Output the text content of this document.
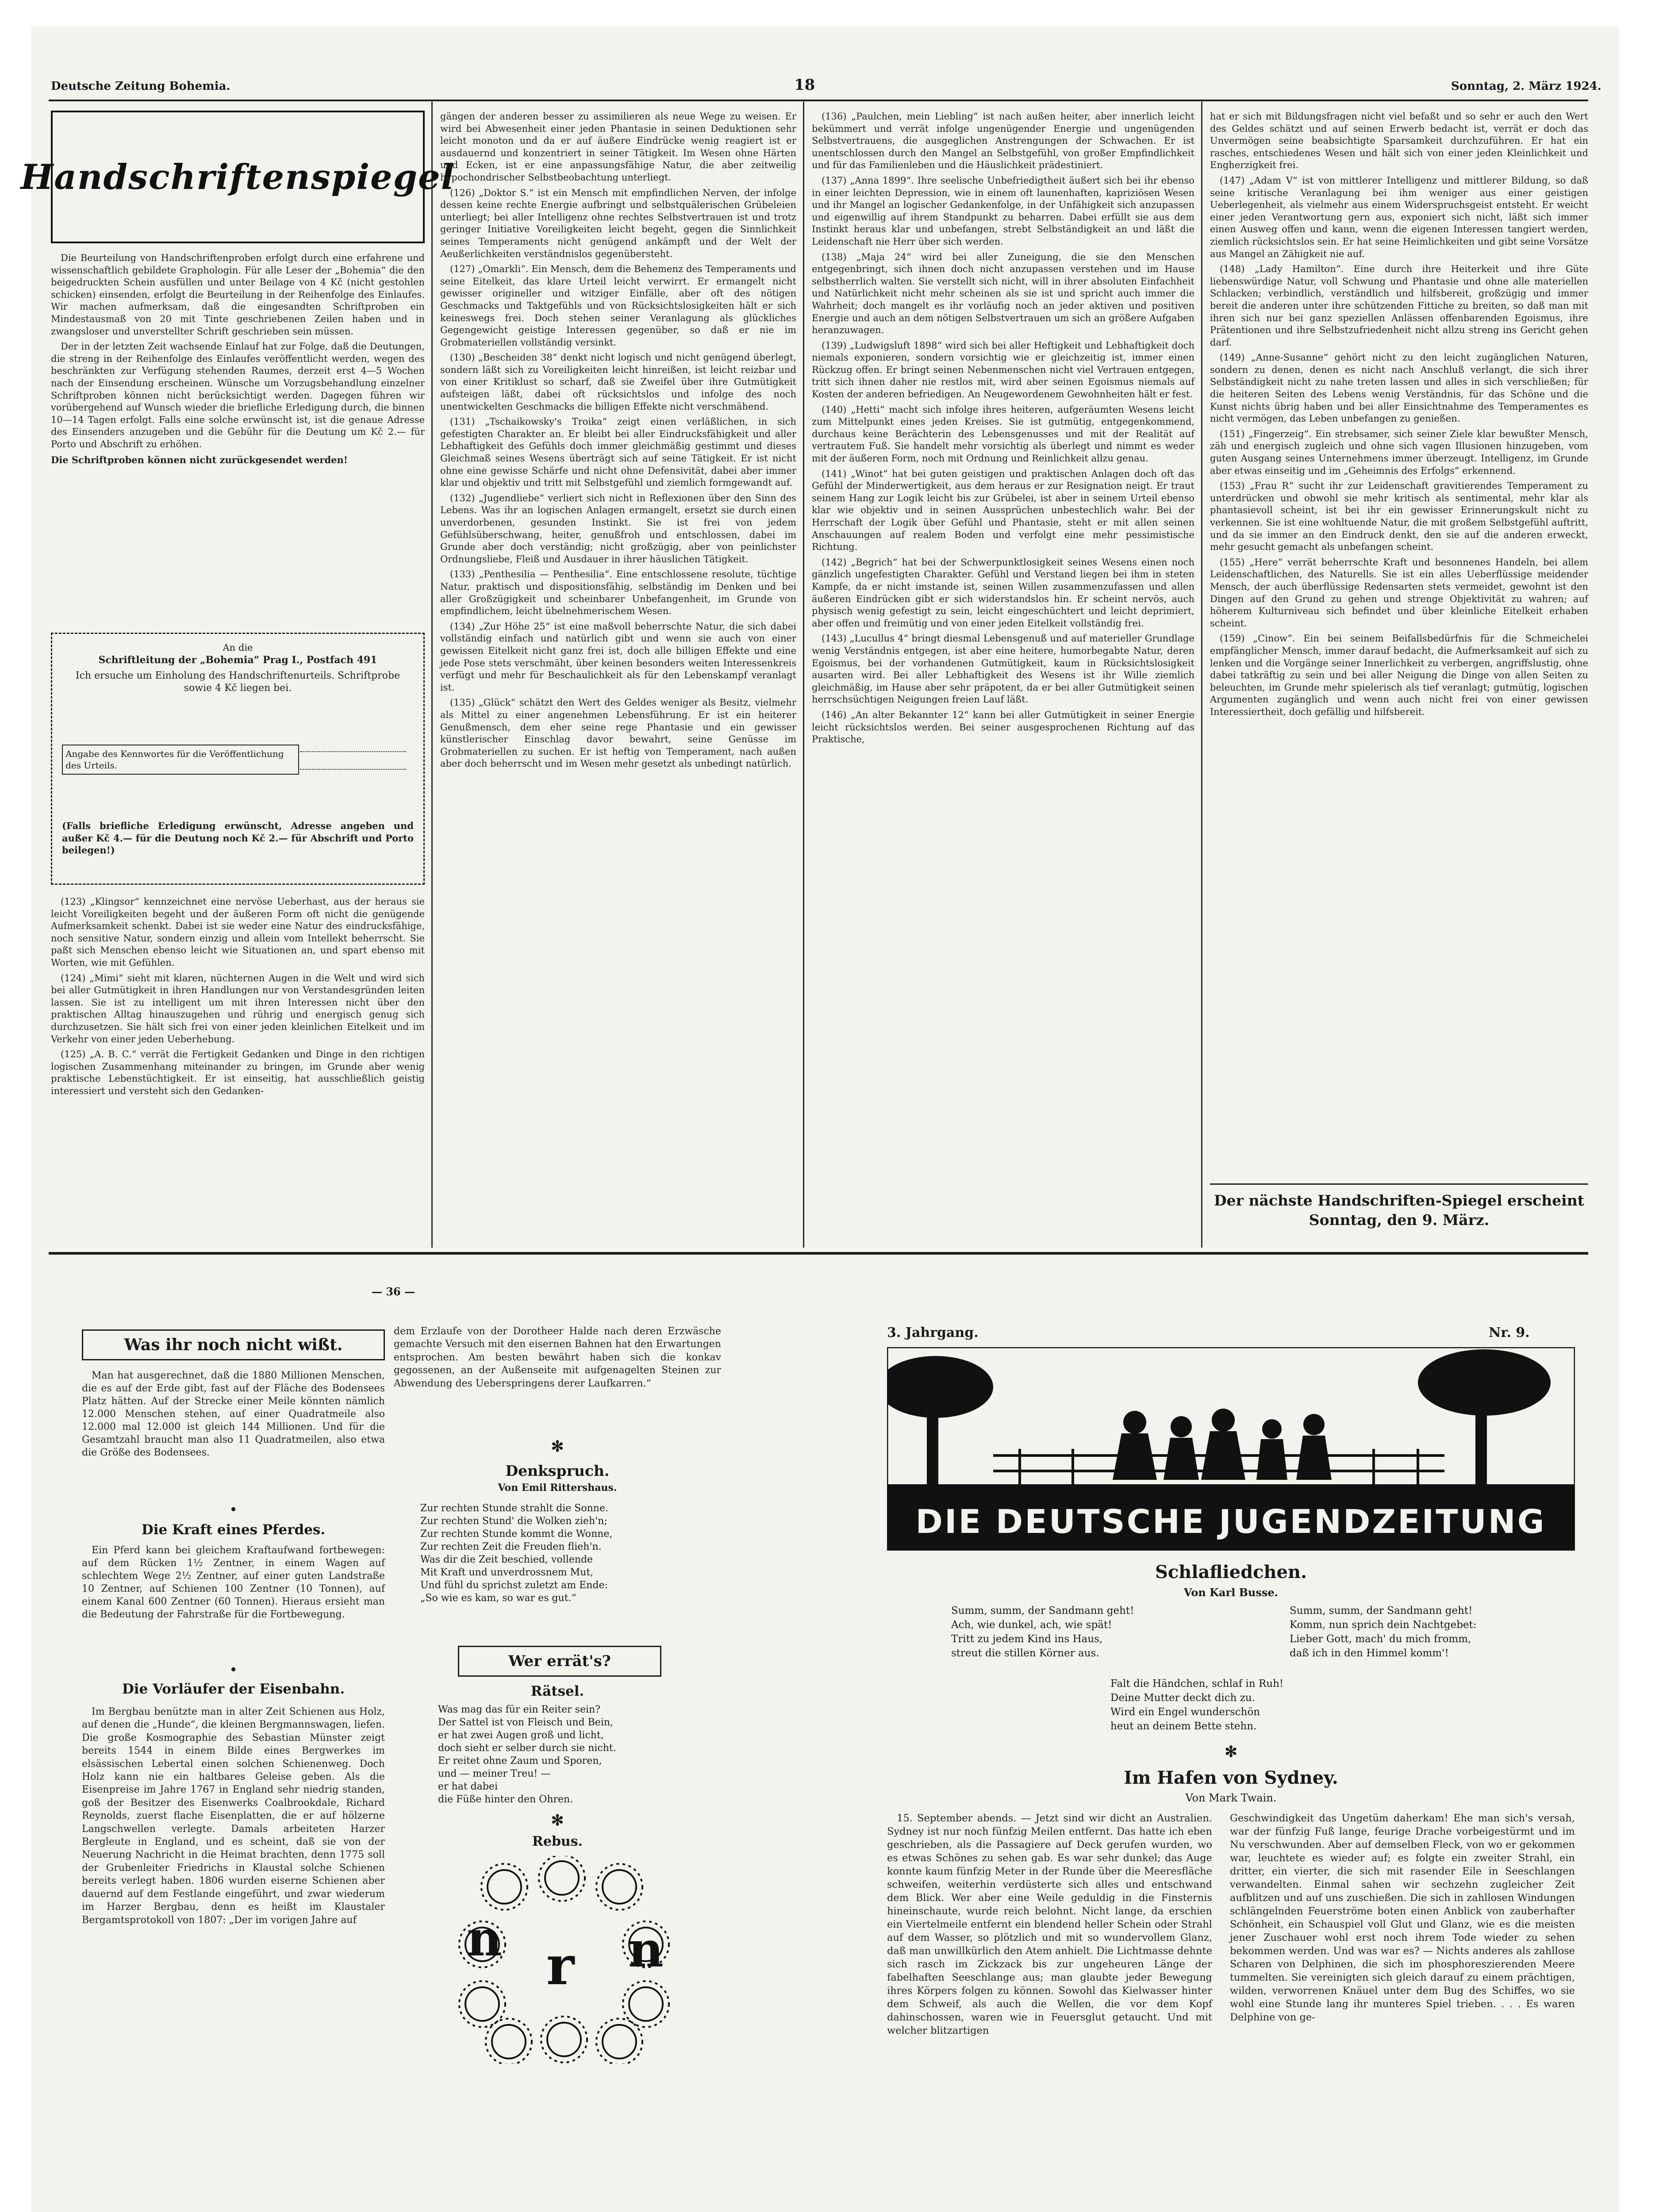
Deutsche Zeitung Bohemia.	18	Sonntag, 2. März 1924.
Handschriftenspiegel

Die Beurteilung von Handschriftenproben erfolgt durch eine erfahrene und wissenschaftlich gebildete Graphologin. Für alle Leser der „Bohemia“ die den beigedruckten Schein ausfüllen und unter Beilage von 4 Kč (nicht gestohlen schicken) einsenden, erfolgt die Beurteilung in der Reihenfolge des Einlaufes. Wir machen aufmerksam, daß die eingesandten Schriftproben ein Mindestausmaß von 20 mit Tinte geschriebenen Zeilen haben und in zwangsloser und unverstellter Schrift geschrieben sein müssen.

Der in der letzten Zeit wachsende Einlauf hat zur Folge, daß die Deutungen, die streng in der Reihenfolge des Einlaufes veröffentlicht werden, wegen des beschränkten zur Verfügung stehenden Raumes, derzeit erst 4—5 Wochen nach der Einsendung erscheinen. Wünsche um Vorzugsbehandlung einzelner Schriftproben können nicht berücksichtigt werden. Dagegen führen wir vorübergehend auf Wunsch wieder die briefliche Erledigung durch, die binnen 10—14 Tagen erfolgt. Falls eine solche erwünscht ist, ist die genaue Adresse des Einsenders anzugeben und die Gebühr für die Deutung um Kč 2.— für Porto und Abschrift zu erhöhen.

Die Schriftproben können nicht zurückgesendet werden!

An die
Schriftleitung der „Bohemia“ Prag I., Postfach 491
Ich ersuche um Einholung des Handschriftenurteils. Schriftprobe sowie 4 Kč liegen bei.
Angabe des Kennwortes für die Veröffentlichung des Urteils.
(Falls briefliche Erledigung erwünscht, Adresse angeben und außer Kč 4.— für die Deutung noch Kč 2.— für Abschrift und Porto beilegen!)

(123) „Klingsor“ kennzeichnet eine nervöse Ueberhast, aus der heraus sie leicht Voreiligkeiten begeht und der äußeren Form oft nicht die genügende Aufmerksamkeit schenkt. Dabei ist sie weder eine Natur des eindrucksfähige, noch sensitive Natur, sondern einzig und allein vom Intellekt beherrscht. Sie paßt sich Menschen ebenso leicht wie Situationen an, und spart ebenso mit Worten, wie mit Gefühlen.

(124) „Mimi“ sieht mit klaren, nüchternen Augen in die Welt und wird sich bei aller Gutmütigkeit in ihren Handlungen nur von Verstandesgründen leiten lassen. Sie ist zu intelligent um mit ihren Interessen nicht über den praktischen Alltag hinauszugehen und rührig und energisch genug sich durchzusetzen. Sie hält sich frei von einer jeden kleinlichen Eitelkeit und im Verkehr von einer jeden Ueberhebung.

(125) „A. B. C.“ verrät die Fertigkeit Gedanken und Dinge in den richtigen logischen Zusammenhang miteinander zu bringen, im Grunde aber wenig praktische Lebenstüchtigkeit. Er ist einseitig, hat ausschließlich geistig interessiert und versteht sich den Gedanken-

gängen der anderen besser zu assimilieren als neue Wege zu weisen. Er wird bei Abwesenheit einer jeden Phantasie in seinen Deduktionen sehr leicht monoton und da er auf äußere Eindrücke wenig reagiert ist er ausdauernd und konzentriert in seiner Tätigkeit. Im Wesen ohne Härten und Ecken, ist er eine anpassungsfähige Natur, die aber zeitweilig hypochondrischer Selbstbeobachtung unterliegt.

(126) „Doktor S.“ ist ein Mensch mit empfindlichen Nerven, der infolge dessen keine rechte Energie aufbringt und selbstquälerischen Grübeleien unterliegt; bei aller Intelligenz ohne rechtes Selbstvertrauen ist und trotz geringer Initiative Voreiligkeiten leicht begeht, gegen die Sinnlichkeit seines Temperaments nicht genügend ankämpft und der Welt der Aeußerlichkeiten verständnislos gegenübersteht.

(127) „Omarkli“. Ein Mensch, dem die Behemenz des Temperaments und seine Eitelkeit, das klare Urteil leicht verwirrt. Er ermangelt nicht gewisser origineller und witziger Einfälle, aber oft des nötigen Geschmacks und Taktgefühls und von Rücksichtslosigkeiten hält er sich keineswegs frei. Doch stehen seiner Veranlagung als glückliches Gegengewicht geistige Interessen gegenüber, so daß er nie im Grobmateriellen vollständig versinkt.

(130) „Bescheiden 38“ denkt nicht logisch und nicht genügend überlegt, sondern läßt sich zu Voreiligkeiten leicht hinreißen, ist leicht reizbar und von einer Kritiklust so scharf, daß sie Zweifel über ihre Gutmütigkeit aufsteigen läßt, dabei oft rücksichtslos und infolge des noch unentwickelten Geschmacks die billigen Effekte nicht verschmähend.

(131) „Tschaikowsky's Troika“ zeigt einen verläßlichen, in sich gefestigten Charakter an. Er bleibt bei aller Eindrucksfähigkeit und aller Lebhaftigkeit des Gefühls doch immer gleichmäßig gestimmt und dieses Gleichmaß seines Wesens überträgt sich auf seine Tätigkeit. Er ist nicht ohne eine gewisse Schärfe und nicht ohne Defensivität, dabei aber immer klar und objektiv und tritt mit Selbstgefühl und ziemlich formgewandt auf.

(132) „Jugendliebe“ verliert sich nicht in Reflexionen über den Sinn des Lebens. Was ihr an logischen Anlagen ermangelt, ersetzt sie durch einen unverdorbenen, gesunden Instinkt. Sie ist frei von jedem Gefühlsüberschwang, heiter, genußfroh und entschlossen, dabei im Grunde aber doch verständig; nicht großzügig, aber von peinlichster Ordnungsliebe, Fleiß und Ausdauer in ihrer häuslichen Tätigkeit.

(133) „Penthesilia — Penthesilia“. Eine entschlossene resolute, tüchtige Natur, praktisch und dispositionsfähig, selbständig im Denken und bei aller Großzügigkeit und scheinbarer Unbefangenheit, im Grunde von empfindlichem, leicht übelnehmerischem Wesen.

(134) „Zur Höhe 25“ ist eine maßvoll beherrschte Natur, die sich dabei vollständig einfach und natürlich gibt und wenn sie auch von einer gewissen Eitelkeit nicht ganz frei ist, doch alle billigen Effekte und eine jede Pose stets verschmäht, über keinen besonders weiten Interessenkreis verfügt und mehr für Beschaulichkeit als für den Lebenskampf veranlagt ist.

(135) „Glück“ schätzt den Wert des Geldes weniger als Besitz, vielmehr als Mittel zu einer angenehmen Lebensführung. Er ist ein heiterer Genußmensch, dem eher seine rege Phantasie und ein gewisser künstlerischer Einschlag davor bewahrt, seine Genüsse im Grobmateriellen zu suchen. Er ist heftig von Temperament, nach außen aber doch beherrscht und im Wesen mehr gesetzt als unbedingt natürlich.

(136) „Paulchen, mein Liebling“ ist nach außen heiter, aber innerlich leicht bekümmert und verrät infolge ungenügender Energie und ungenügenden Selbstvertrauens, die ausgeglichen Anstrengungen der Schwachen. Er ist unentschlossen durch den Mangel an Selbstgefühl, von großer Empfindlichkeit und für das Familienleben und die Häuslichkeit prädestiniert.

(137) „Anna 1899“. Ihre seelische Unbefriedigtheit äußert sich bei ihr ebenso in einer leichten Depression, wie in einem oft launenhaften, kapriziösen Wesen und ihr Mangel an logischer Gedankenfolge, in der Unfähigkeit sich anzupassen und eigenwillig auf ihrem Standpunkt zu beharren. Dabei erfüllt sie aus dem Instinkt heraus klar und unbefangen, strebt Selbständigkeit an und läßt die Leidenschaft nie Herr über sich werden.

(138) „Maja 24“ wird bei aller Zuneigung, die sie den Menschen entgegenbringt, sich ihnen doch nicht anzupassen verstehen und im Hause selbstherrlich walten. Sie verstellt sich nicht, will in ihrer absoluten Einfachheit und Natürlichkeit nicht mehr scheinen als sie ist und spricht auch immer die Wahrheit; doch mangelt es ihr vorläufig noch an jeder aktiven und positiven Energie und auch an dem nötigen Selbstvertrauen um sich an größere Aufgaben heranzuwagen.

(139) „Ludwigsluft 1898“ wird sich bei aller Heftigkeit und Lebhaftigkeit doch niemals exponieren, sondern vorsichtig wie er gleichzeitig ist, immer einen Rückzug offen. Er bringt seinen Nebenmenschen nicht viel Vertrauen entgegen, tritt sich ihnen daher nie restlos mit, wird aber seinen Egoismus niemals auf Kosten der anderen befriedigen. An Neugewordenem Gewohnheiten hält er fest.

(140) „Hetti“ macht sich infolge ihres heiteren, aufgeräumten Wesens leicht zum Mittelpunkt eines jeden Kreises. Sie ist gutmütig, entgegenkommend, durchaus keine Berächterin des Lebensgenusses und mit der Realität auf vertrautem Fuß. Sie handelt mehr vorsichtig als überlegt und nimmt es weder mit der äußeren Form, noch mit Ordnung und Reinlichkeit allzu genau.

(141) „Winot“ hat bei guten geistigen und praktischen Anlagen doch oft das Gefühl der Minderwertigkeit, aus dem heraus er zur Resignation neigt. Er traut seinem Hang zur Logik leicht bis zur Grübelei, ist aber in seinem Urteil ebenso klar wie objektiv und in seinen Aussprüchen unbestechlich wahr. Bei der Herrschaft der Logik über Gefühl und Phantasie, steht er mit allen seinen Anschauungen auf realem Boden und verfolgt eine mehr pessimistische Richtung.

(142) „Begrich“ hat bei der Schwerpunktlosigkeit seines Wesens einen noch gänzlich ungefestigten Charakter. Gefühl und Verstand liegen bei ihm in steten Kampfe, da er nicht imstande ist, seinen Willen zusammenzufassen und allen äußeren Eindrücken gibt er sich widerstandslos hin. Er scheint nervös, auch physisch wenig gefestigt zu sein, leicht eingeschüchtert und leicht deprimiert, aber offen und freimütig und von einer jeden Eitelkeit vollständig frei.

(143) „Lucullus 4“ bringt diesmal Lebensgenuß und auf materieller Grundlage wenig Verständnis entgegen, ist aber eine heitere, humorbegabte Natur, deren Egoismus, bei der vorhandenen Gutmütigkeit, kaum in Rücksichtslosigkeit ausarten wird. Bei aller Lebhaftigkeit des Wesens ist ihr Wille ziemlich gleichmäßig, im Hause aber sehr präpotent, da er bei aller Gutmütigkeit seinen herrschsüchtigen Neigungen freien Lauf läßt.

(146) „An alter Bekannter 12“ kann bei aller Gutmütigkeit in seiner Energie leicht rücksichtslos werden. Bei seiner ausgesprochenen Richtung auf das Praktische,

hat er sich mit Bildungsfragen nicht viel befaßt und so sehr er auch den Wert des Geldes schätzt und auf seinen Erwerb bedacht ist, verrät er doch das Unvermögen seine beabsichtigte Sparsamkeit durchzuführen. Er hat ein rasches, entschiedenes Wesen und hält sich von einer jeden Kleinlichkeit und Engherzigkeit frei.

(147) „Adam V“ ist von mittlerer Intelligenz und mittlerer Bildung, so daß seine kritische Veranlagung bei ihm weniger aus einer geistigen Ueberlegenheit, als vielmehr aus einem Widerspruchsgeist entsteht. Er weicht einer jeden Verantwortung gern aus, exponiert sich nicht, läßt sich immer einen Ausweg offen und kann, wenn die eigenen Interessen tangiert werden, ziemlich rücksichtslos sein. Er hat seine Heimlichkeiten und gibt seine Vorsätze aus Mangel an Zähigkeit nie auf.

(148) „Lady Hamilton“. Eine durch ihre Heiterkeit und ihre Güte liebenswürdige Natur, voll Schwung und Phantasie und ohne alle materiellen Schlacken; verbindlich, verständlich und hilfsbereit, großzügig und immer bereit die anderen unter ihre schützenden Fittiche zu breiten, so daß man mit ihren sich nur bei ganz speziellen Anlässen offenbarenden Egoismus, ihre Prätentionen und ihre Selbstzufriedenheit nicht allzu streng ins Gericht gehen darf.

(149) „Anne-Susanne“ gehört nicht zu den leicht zugänglichen Naturen, sondern zu denen, denen es nicht nach Anschluß verlangt, die sich ihrer Selbständigkeit nicht zu nahe treten lassen und alles in sich verschließen; für die heiteren Seiten des Lebens wenig Verständnis, für das Schöne und die Kunst nichts übrig haben und bei aller Einsichtnahme des Temperamentes es nicht vermögen, das Leben unbefangen zu genießen.

(151) „Fingerzeig“. Ein strebsamer, sich seiner Ziele klar bewußter Mensch, zäh und energisch zugleich und ohne sich vagen Illusionen hinzugeben, vom guten Ausgang seines Unternehmens immer überzeugt. Intelligenz, im Grunde aber etwas einseitig und im „Geheimnis des Erfolgs“ erkennend.

(153) „Frau R“ sucht ihr zur Leidenschaft gravitierendes Temperament zu unterdrücken und obwohl sie mehr kritisch als sentimental, mehr klar als phantasievoll scheint, ist bei ihr ein gewisser Erinnerungskult nicht zu verkennen. Sie ist eine wohltuende Natur, die mit großem Selbstgefühl auftritt, und da sie immer an den Eindruck denkt, den sie auf die anderen erweckt, mehr gesucht gemacht als unbefangen scheint.

(155) „Here“ verrät beherrschte Kraft und besonnenes Handeln, bei allem Leidenschaftlichen, des Naturells. Sie ist ein alles Ueberflüssige meidender Mensch, der auch überflüssige Redensarten stets vermeidet, gewohnt ist den Dingen auf den Grund zu gehen und strenge Objektivität zu wahren; auf höherem Kulturniveau sich befindet und über kleinliche Eitelkeit erhaben scheint.

(159) „Cinow“. Ein bei seinem Beifallsbedürfnis für die Schmeichelei empfänglicher Mensch, immer darauf bedacht, die Aufmerksamkeit auf sich zu lenken und die Vorgänge seiner Innerlichkeit zu verbergen, angriffslustig, ohne dabei tatkräftig zu sein und bei aller Neigung die Dinge von allen Seiten zu beleuchten, im Grunde mehr spielerisch als tief veranlagt; gutmütig, logischen Argumenten zugänglich und wenn auch nicht frei von einer gewissen Interessiertheit, doch gefällig und hilfsbereit.

Der nächste Handschriften-Spiegel erscheint Sonntag, den 9. März.
— 36 —
Was ihr noch nicht wißt.

Man hat ausgerechnet, daß die 1880 Millionen Menschen, die es auf der Erde gibt, fast auf der Fläche des Bodensees Platz hätten. Auf der Strecke einer Meile könnten nämlich 12.000 Menschen stehen, auf einer Quadratmeile also 12.000 mal 12.000 ist gleich 144 Millionen. Und für die Gesamtzahl braucht man also 11 Quadratmeilen, also etwa die Größe des Bodensees.

•
Die Kraft eines Pferdes.

Ein Pferd kann bei gleichem Kraftaufwand fortbewegen: auf dem Rücken 1½ Zentner, in einem Wagen auf schlechtem Wege 2½ Zentner, auf einer guten Landstraße 10 Zentner, auf Schienen 100 Zentner (10 Tonnen), auf einem Kanal 600 Zentner (60 Tonnen). Hieraus ersieht man die Bedeutung der Fahrstraße für die Fortbewegung.

•
Die Vorläufer der Eisenbahn.

Im Bergbau benützte man in alter Zeit Schienen aus Holz, auf denen die „Hunde“, die kleinen Bergmannswagen, liefen. Die große Kosmographie des Sebastian Münster zeigt bereits 1544 in einem Bilde eines Bergwerkes im elsässischen Lebertal einen solchen Schienenweg. Doch Holz kann nie ein haltbares Geleise geben. Als die Eisenpreise im Jahre 1767 in England sehr niedrig standen, goß der Besitzer des Eisenwerks Coalbrookdale, Richard Reynolds, zuerst flache Eisenplatten, die er auf hölzerne Langschwellen verlegte. Damals arbeiteten Harzer Bergleute in England, und es scheint, daß sie von der Neuerung Nachricht in die Heimat brachten, denn 1775 soll der Grubenleiter Friedrichs in Klaustal solche Schienen bereits verlegt haben. 1806 wurden eiserne Schienen aber dauernd auf dem Festlande eingeführt, und zwar wiederum im Harzer Bergbau, denn es heißt im Klaustaler Bergamtsprotokoll von 1807: „Der im vorigen Jahre auf

dem Erzlaufe von der Dorotheer Halde nach deren Erzwäsche gemachte Versuch mit den eisernen Bahnen hat den Erwartungen entsprochen. Am besten bewährt haben sich die konkav gegossenen, an der Außenseite mit aufgenagelten Steinen zur Abwendung des Ueberspringens derer Laufkarren.“

✻
Denkspruch.
Von Emil Rittershaus.
Zur rechten Stunde strahlt die Sonne.
Zur rechten Stund' die Wolken zieh'n;
Zur rechten Stunde kommt die Wonne,
Zur rechten Zeit die Freuden flieh'n.
Was dir die Zeit beschied, vollende
Mit Kraft und unverdrossnem Mut,
Und fühl du sprichst zuletzt am Ende:
„So wie es kam, so war es gut.“
Wer errät's?
Rätsel.
Was mag das für ein Reiter sein?
Der Sattel ist von Fleisch und Bein,
er hat zwei Augen groß und licht,
doch sieht er selber durch sie nicht.
Er reitet ohne Zaum und Sporen,
und — meiner Treu! —
er hat dabei
die Füße hinter den Ohren.
✻
Rebus.
n r n
3. Jahrgang.	Nr. 9.
DIE DEUTSCHE JUGENDZEITUNG
Schlafliedchen.
Von Karl Busse.
Summ, summ, der Sandmann geht!
Ach, wie dunkel, ach, wie spät!
Tritt zu jedem Kind ins Haus,
streut die stillen Körner aus.
Summ, summ, der Sandmann geht!
Komm, nun sprich dein Nachtgebet:
Lieber Gott, mach' du mich fromm,
daß ich in den Himmel komm'!
Falt die Händchen, schlaf in Ruh!
Deine Mutter deckt dich zu.
Wird ein Engel wunderschön
heut an deinem Bette stehn.
✻
Im Hafen von Sydney.
Von Mark Twain.

15. September abends. — Jetzt sind wir dicht an Australien. Sydney ist nur noch fünfzig Meilen entfernt. Das hatte ich eben geschrieben, als die Passagiere auf Deck gerufen wurden, wo es etwas Schönes zu sehen gab. Es war sehr dunkel; das Auge konnte kaum fünfzig Meter in der Runde über die Meeresfläche schweifen, weiterhin verdüsterte sich alles und entschwand dem Blick. Wer aber eine Weile geduldig in die Finsternis hineinschaute, wurde reich belohnt. Nicht lange, da erschien ein Viertelmeile entfernt ein blendend heller Schein oder Strahl auf dem Wasser, so plötzlich und mit so wundervollem Glanz, daß man unwillkürlich den Atem anhielt. Die Lichtmasse dehnte sich rasch im Zickzack bis zur ungeheuren Länge der fabelhaften Seeschlange aus; man glaubte jeder Bewegung ihres Körpers folgen zu können. Sowohl das Kielwasser hinter dem Schweif, als auch die Wellen, die vor dem Kopf dahinschossen, waren wie in Feuersglut getaucht. Und mit welcher blitzartigen

Geschwindigkeit das Ungetüm daherkam! Ehe man sich's versah, war der fünfzig Fuß lange, feurige Drache vorbeigestürmt und im Nu verschwunden. Aber auf demselben Fleck, von wo er gekommen war, leuchtete es wieder auf; es folgte ein zweiter Strahl, ein dritter, ein vierter, die sich mit rasender Eile in Seeschlangen verwandelten. Einmal sahen wir sechzehn zugleicher Zeit aufblitzen und auf uns zuschießen. Die sich in zahllosen Windungen schlängelnden Feuerströme boten einen Anblick von zauberhafter Schönheit, ein Schauspiel voll Glut und Glanz, wie es die meisten jener Zuschauer wohl erst noch ihrem Tode wieder zu sehen bekommen werden. Und was war es? — Nichts anderes als zahllose Scharen von Delphinen, die sich im phosphoreszierenden Meere tummelten. Sie vereinigten sich gleich darauf zu einem prächtigen, wilden, verworrenen Knäuel unter dem Bug des Schiffes, wo sie wohl eine Stunde lang ihr munteres Spiel trieben. . . . Es waren Delphine von ge-
